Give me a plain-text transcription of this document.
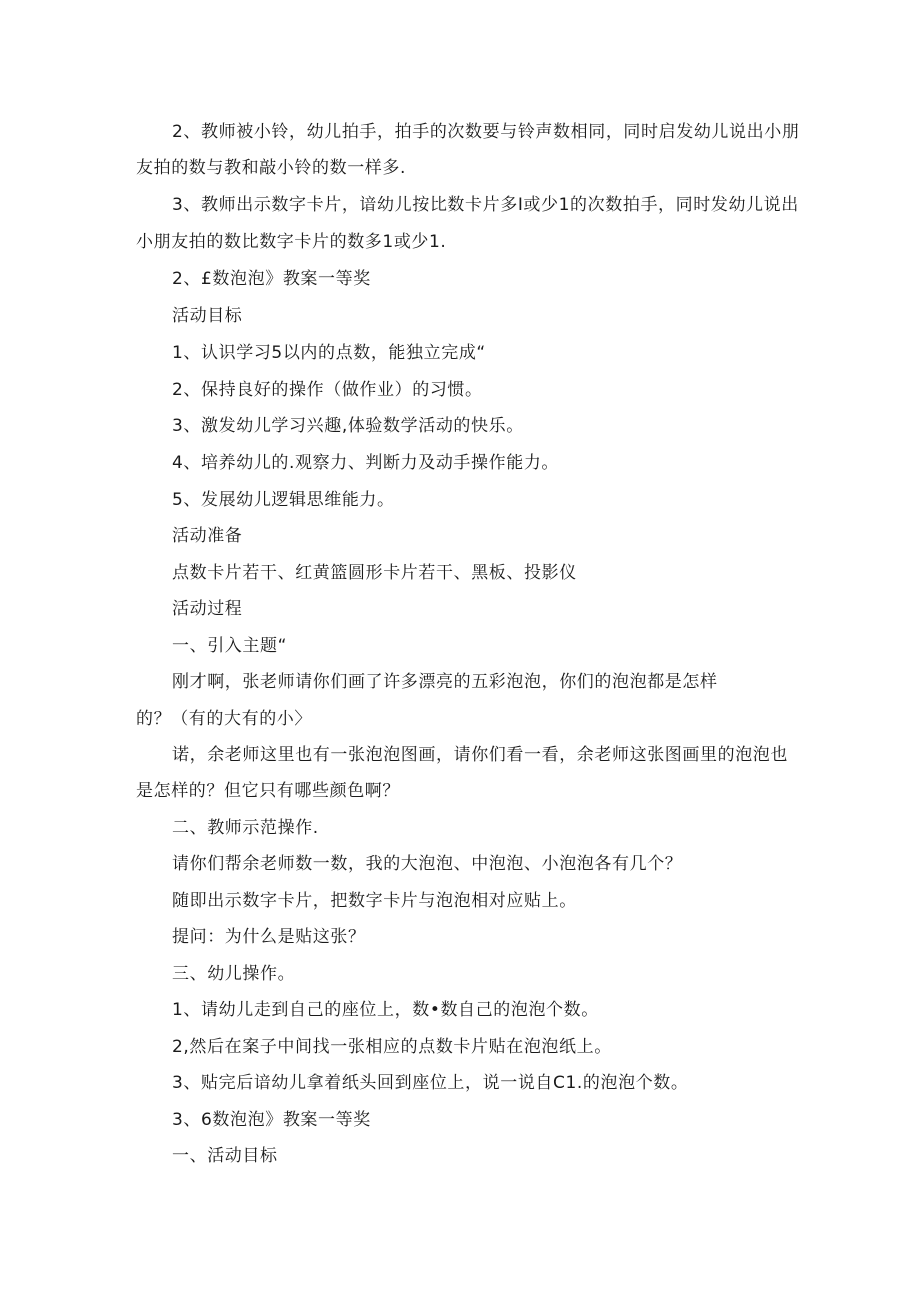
2、教师被小铃，幼儿拍手，拍手的次数要与铃声数相同，同时启发幼儿说出小朋
友拍的数与教和敲小铃的数一样多.
3、教师出示数字卡片，谙幼儿按比数卡片多I或少1的次数拍手，同时发幼儿说出
小朋友拍的数比数字卡片的数多1或少1.
2、£数泡泡》教案一等奖
活动目标
1、认识学习5以内的点数，能独立完成“
2、保持良好的操作（做作业）的习惯。
3、激发幼儿学习兴趣,体验数学活动的快乐。
4、培养幼儿的.观察力、判断力及动手操作能力。
5、发展幼儿逻辑思维能力。
活动准备
点数卡片若干、红黄篮圆形卡片若干、黑板、投影仪
活动过程
一、引入主题“
刚才啊，张老师请你们画了许多漂亮的五彩泡泡，你们的泡泡都是怎样
的？（有的大有的小〉
诺，余老师这里也有一张泡泡图画，请你们看一看，余老师这张图画里的泡泡也
是怎样的？但它只有哪些颜色啊？
二、教师示范操作.
请你们帮余老师数一数，我的大泡泡、中泡泡、小泡泡各有几个？
随即出示数字卡片，把数字卡片与泡泡相对应贴上。
提问：为什么是贴这张？
三、幼儿操作。
1、请幼儿走到自己的座位上，数•数自己的泡泡个数。
2,然后在案子中间找一张相应的点数卡片贴在泡泡纸上。
3、贴完后谙幼儿拿着纸头回到座位上，说一说自C1.的泡泡个数。
3、6数泡泡》教案一等奖
一、活动目标
